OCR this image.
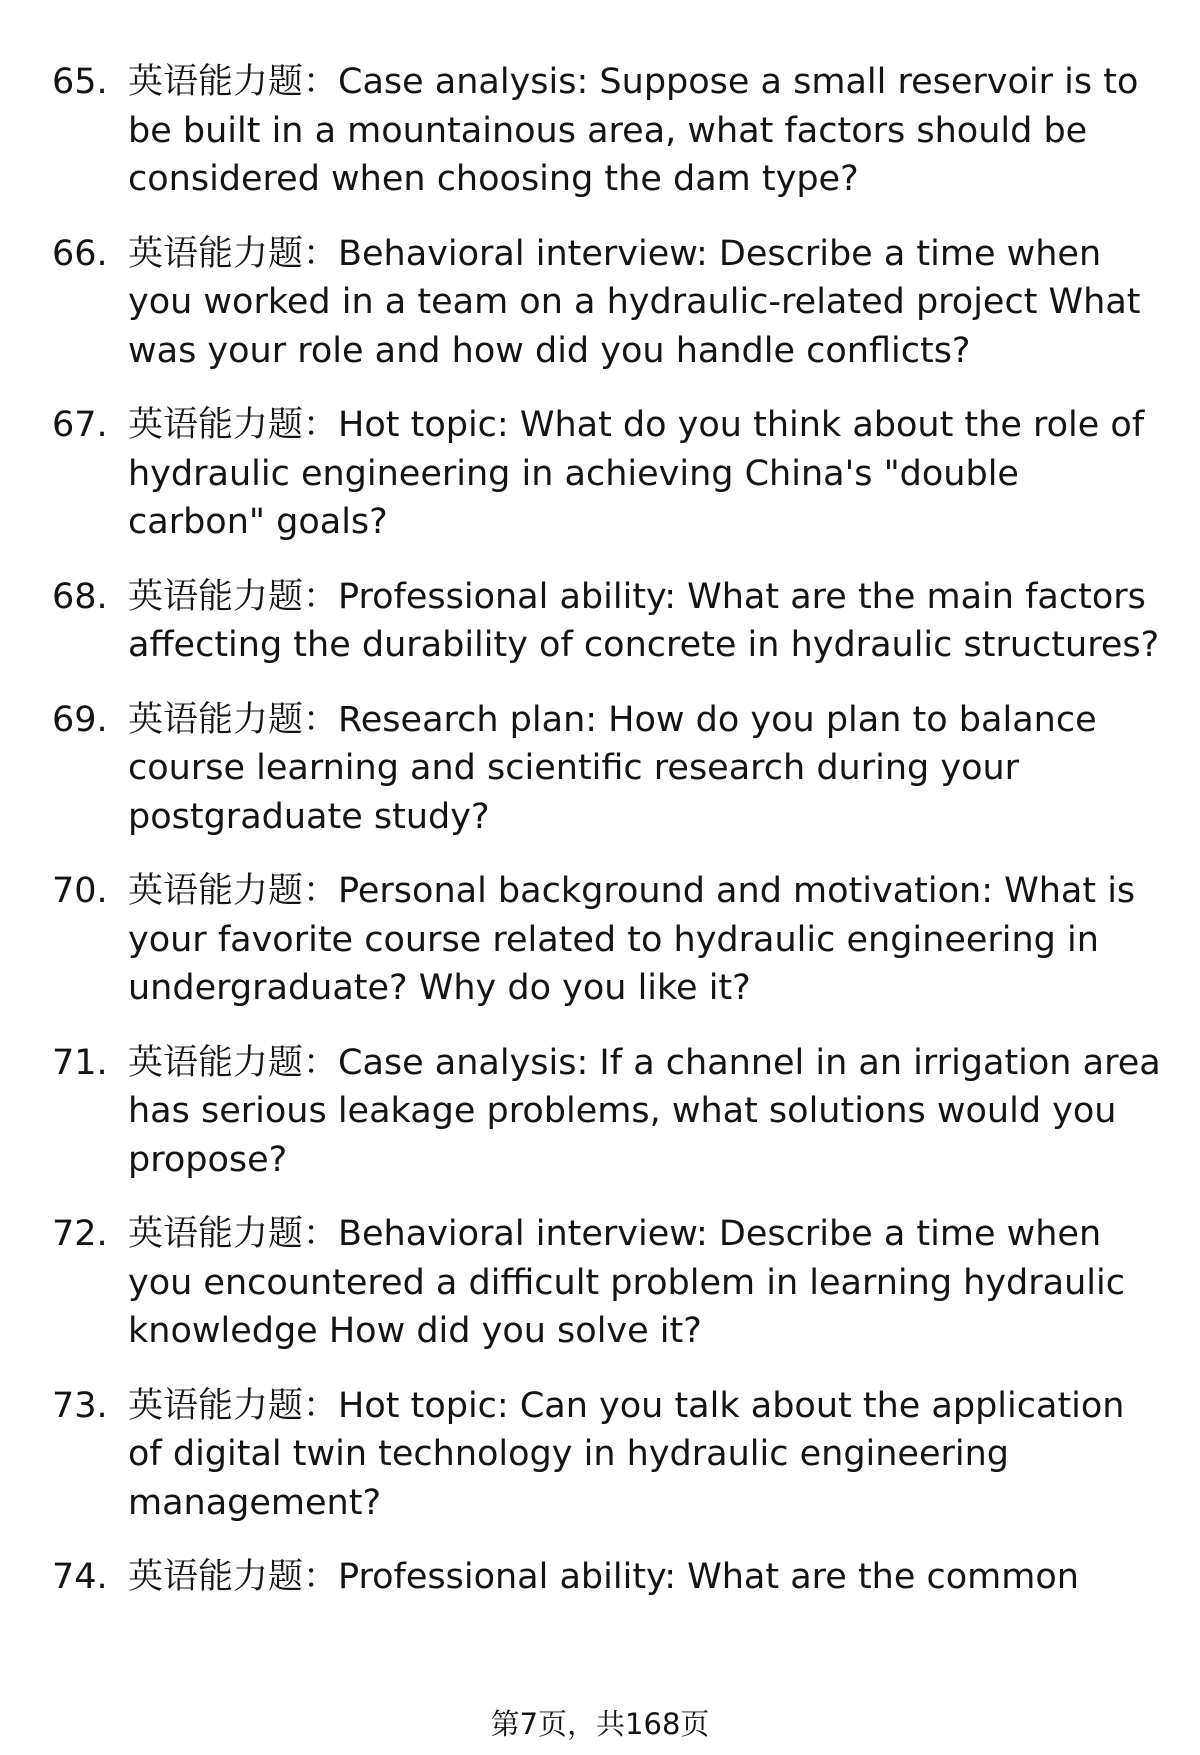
65. 英语能力题：Case analysis: Suppose a small reservoir is to be built in a mountainous area, what factors should be considered when choosing the dam type?
66. 英语能力题：Behavioral interview: Describe a time when you worked in a team on a hydraulic-related project What was your role and how did you handle conflicts?
67. 英语能力题：Hot topic: What do you think about the role of hydraulic engineering in achieving China's "double carbon" goals?
68. 英语能力题：Professional ability: What are the main factors affecting the durability of concrete in hydraulic structures?
69. 英语能力题：Research plan: How do you plan to balance course learning and scientific research during your postgraduate study?
70. 英语能力题：Personal background and motivation: What is your favorite course related to hydraulic engineering in undergraduate? Why do you like it?
71. 英语能力题：Case analysis: If a channel in an irrigation area has serious leakage problems, what solutions would you propose?
72. 英语能力题：Behavioral interview: Describe a time when you encountered a difficult problem in learning hydraulic knowledge How did you solve it?
73. 英语能力题：Hot topic: Can you talk about the application of digital twin technology in hydraulic engineering management?
74. 英语能力题：Professional ability: What are the common
第7页，共168页
